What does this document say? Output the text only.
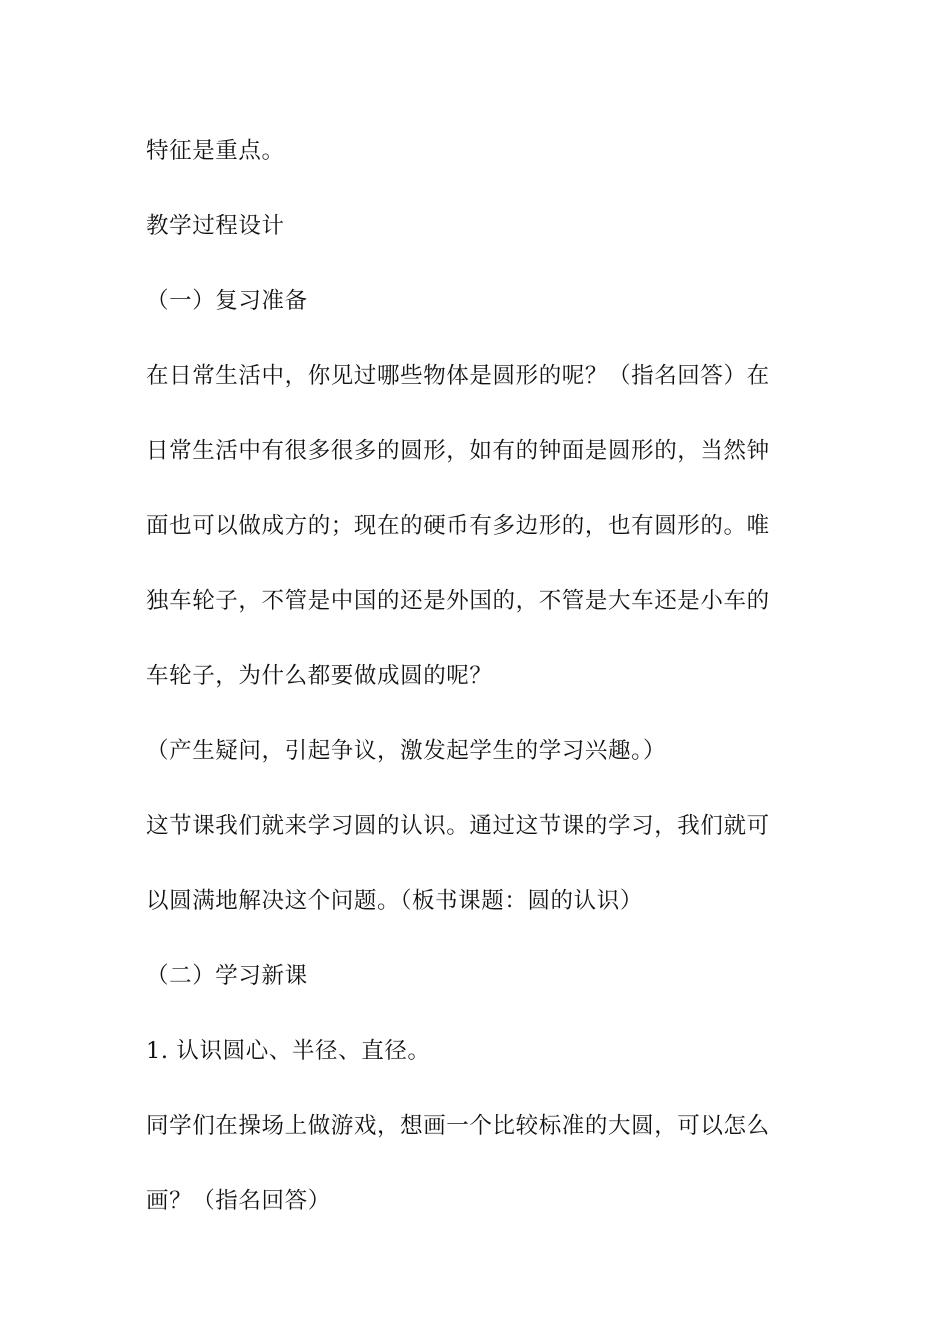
特征是重点。
教学过程设计
（一）复习准备
在日常生活中，你见过哪些物体是圆形的呢？（指名回答）在
日常生活中有很多很多的圆形，如有的钟面是圆形的，当然钟
面也可以做成方的；现在的硬币有多边形的，也有圆形的。唯
独车轮子，不管是中国的还是外国的，不管是大车还是小车的
车轮子，为什么都要做成圆的呢？
（产生疑问，引起争议，激发起学生的学习兴趣。）
这节课我们就来学习圆的认识。通过这节课的学习，我们就可
以圆满地解决这个问题。（板书课题：圆的认识）
（二）学习新课
1. 认识圆心、半径、直径。
同学们在操场上做游戏，想画一个比较标准的大圆，可以怎么
画？（指名回答）
